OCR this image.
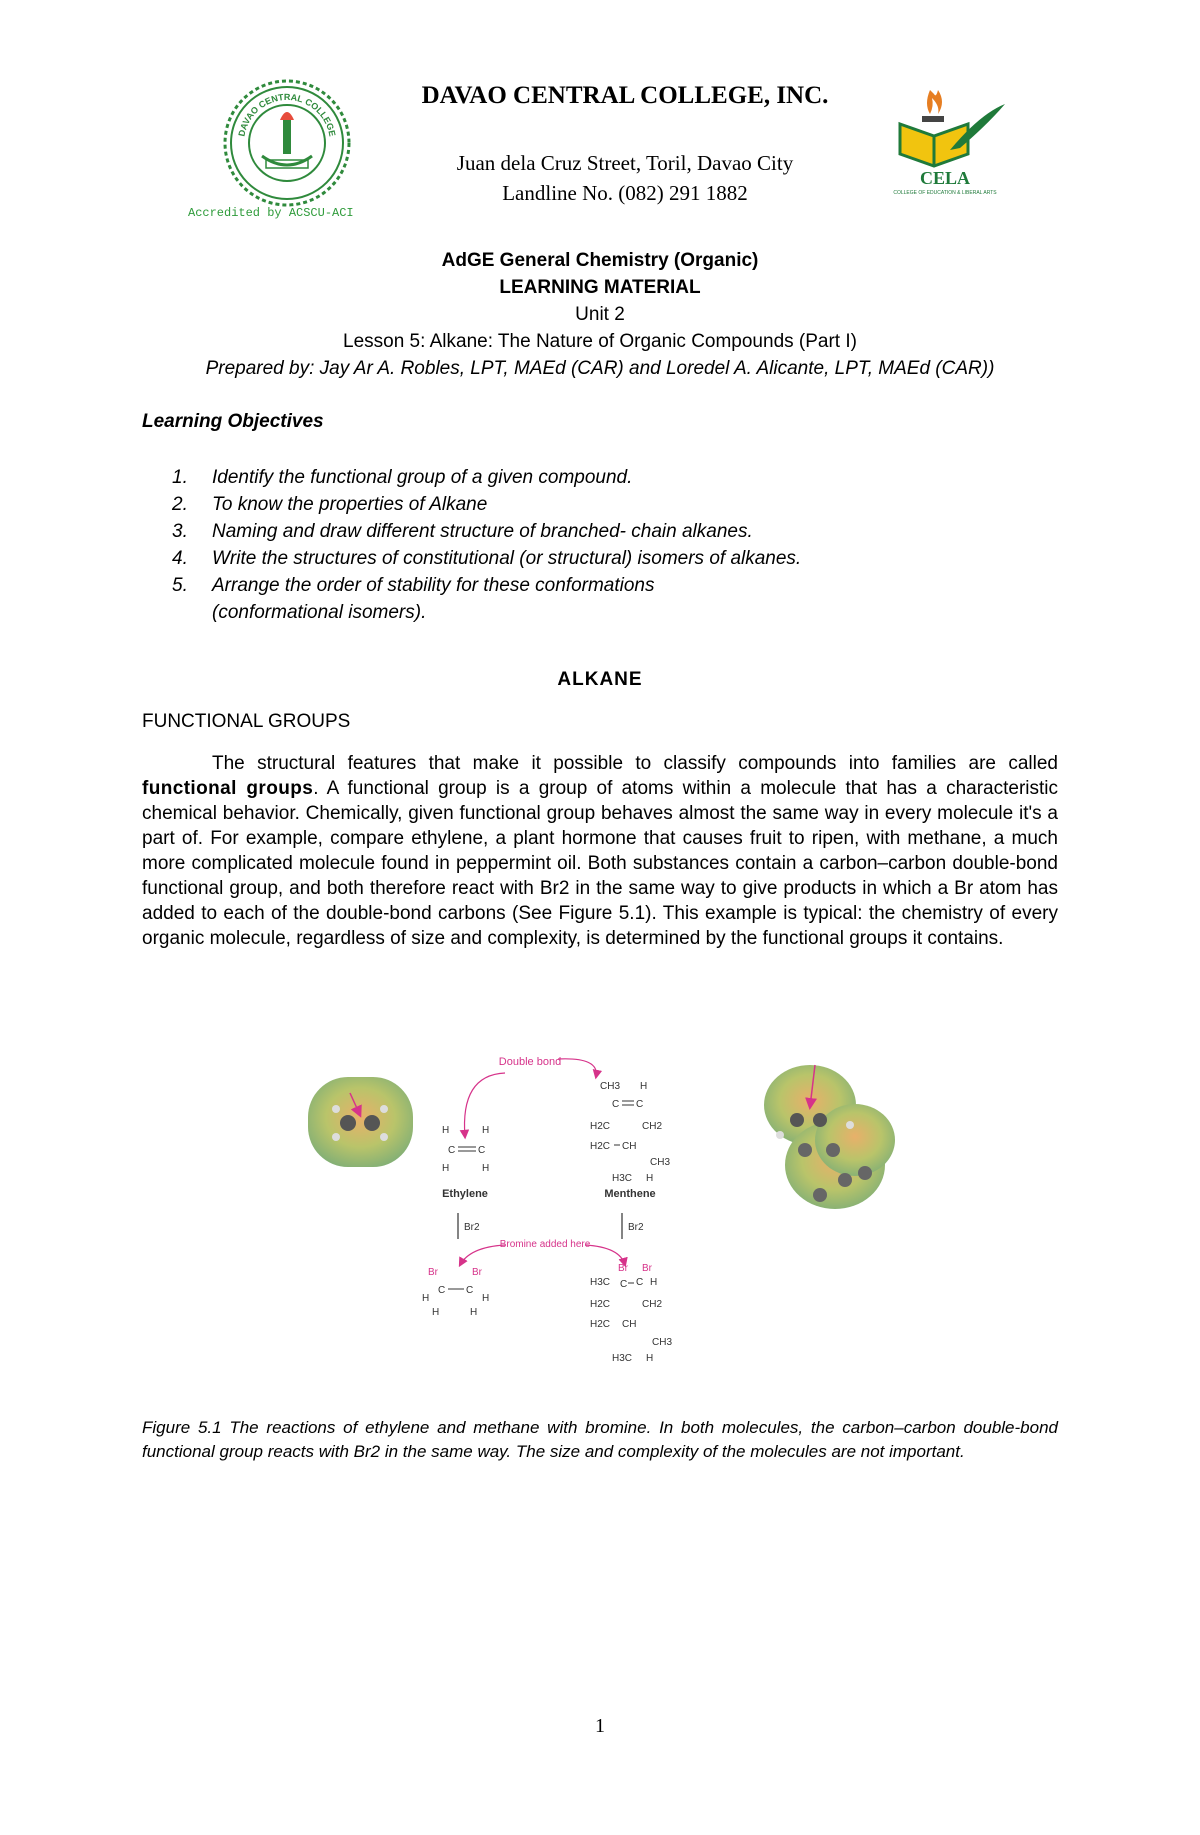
DAVAO CENTRAL COLLEGE
Accredited by ACSCU-ACI
DAVAO CENTRAL COLLEGE, INC.
Juan dela Cruz Street, Toril, Davao City
Landline No. (082) 291 1882
CELA
COLLEGE OF EDUCATION & LIBERAL ARTS
AdGE General Chemistry (Organic)
LEARNING MATERIAL
Unit 2
Lesson 5: Alkane: The Nature of Organic Compounds (Part I)
Prepared by: Jay Ar A. Robles, LPT, MAEd (CAR) and Loredel A. Alicante, LPT, MAEd (CAR))
Learning Objectives
1.	Identify the functional group of a given compound.
2.	To know the properties of Alkane
3.	Naming and draw different structure of branched- chain alkanes.
4.	Write the structures of constitutional (or structural) isomers of alkanes.
5.	Arrange the order of stability for these conformations
(conformational isomers).
ALKANE
FUNCTIONAL GROUPS

The structural features that make it possible to classify compounds into families are called functional groups. A functional group is a group of atoms within a molecule that has a characteristic chemical behavior. Chemically, given functional group behaves almost the same way in every molecule it's a part of. For example, compare ethylene, a plant hormone that causes fruit to ripen, with methane, a much more complicated molecule found in peppermint oil. Both substances contain a carbon–carbon double-bond functional group, and both therefore react with Br2 in the same way to give products in which a Br atom has added to each of the double-bond carbons (See Figure 5.1). This example is typical: the chemistry of every organic molecule, regardless of size and complexity, is determined by the functional groups it contains.

Double bond
H	H
C C
H	H
Ethylene
CH3 H
C C
H2C	CH2
H2C CH
CH3
H3C H
Menthene
Br2	Br2
Bromine added here
Br	Br
C C
H	H
H	H
Br Br
H3C	C H
C
H2C	CH2
H2C CH
CH3
H3C H

Figure 5.1 The reactions of ethylene and methane with bromine. In both molecules, the carbon–carbon double-bond functional group reacts with Br2 in the same way. The size and complexity of the molecules are not important.

1
